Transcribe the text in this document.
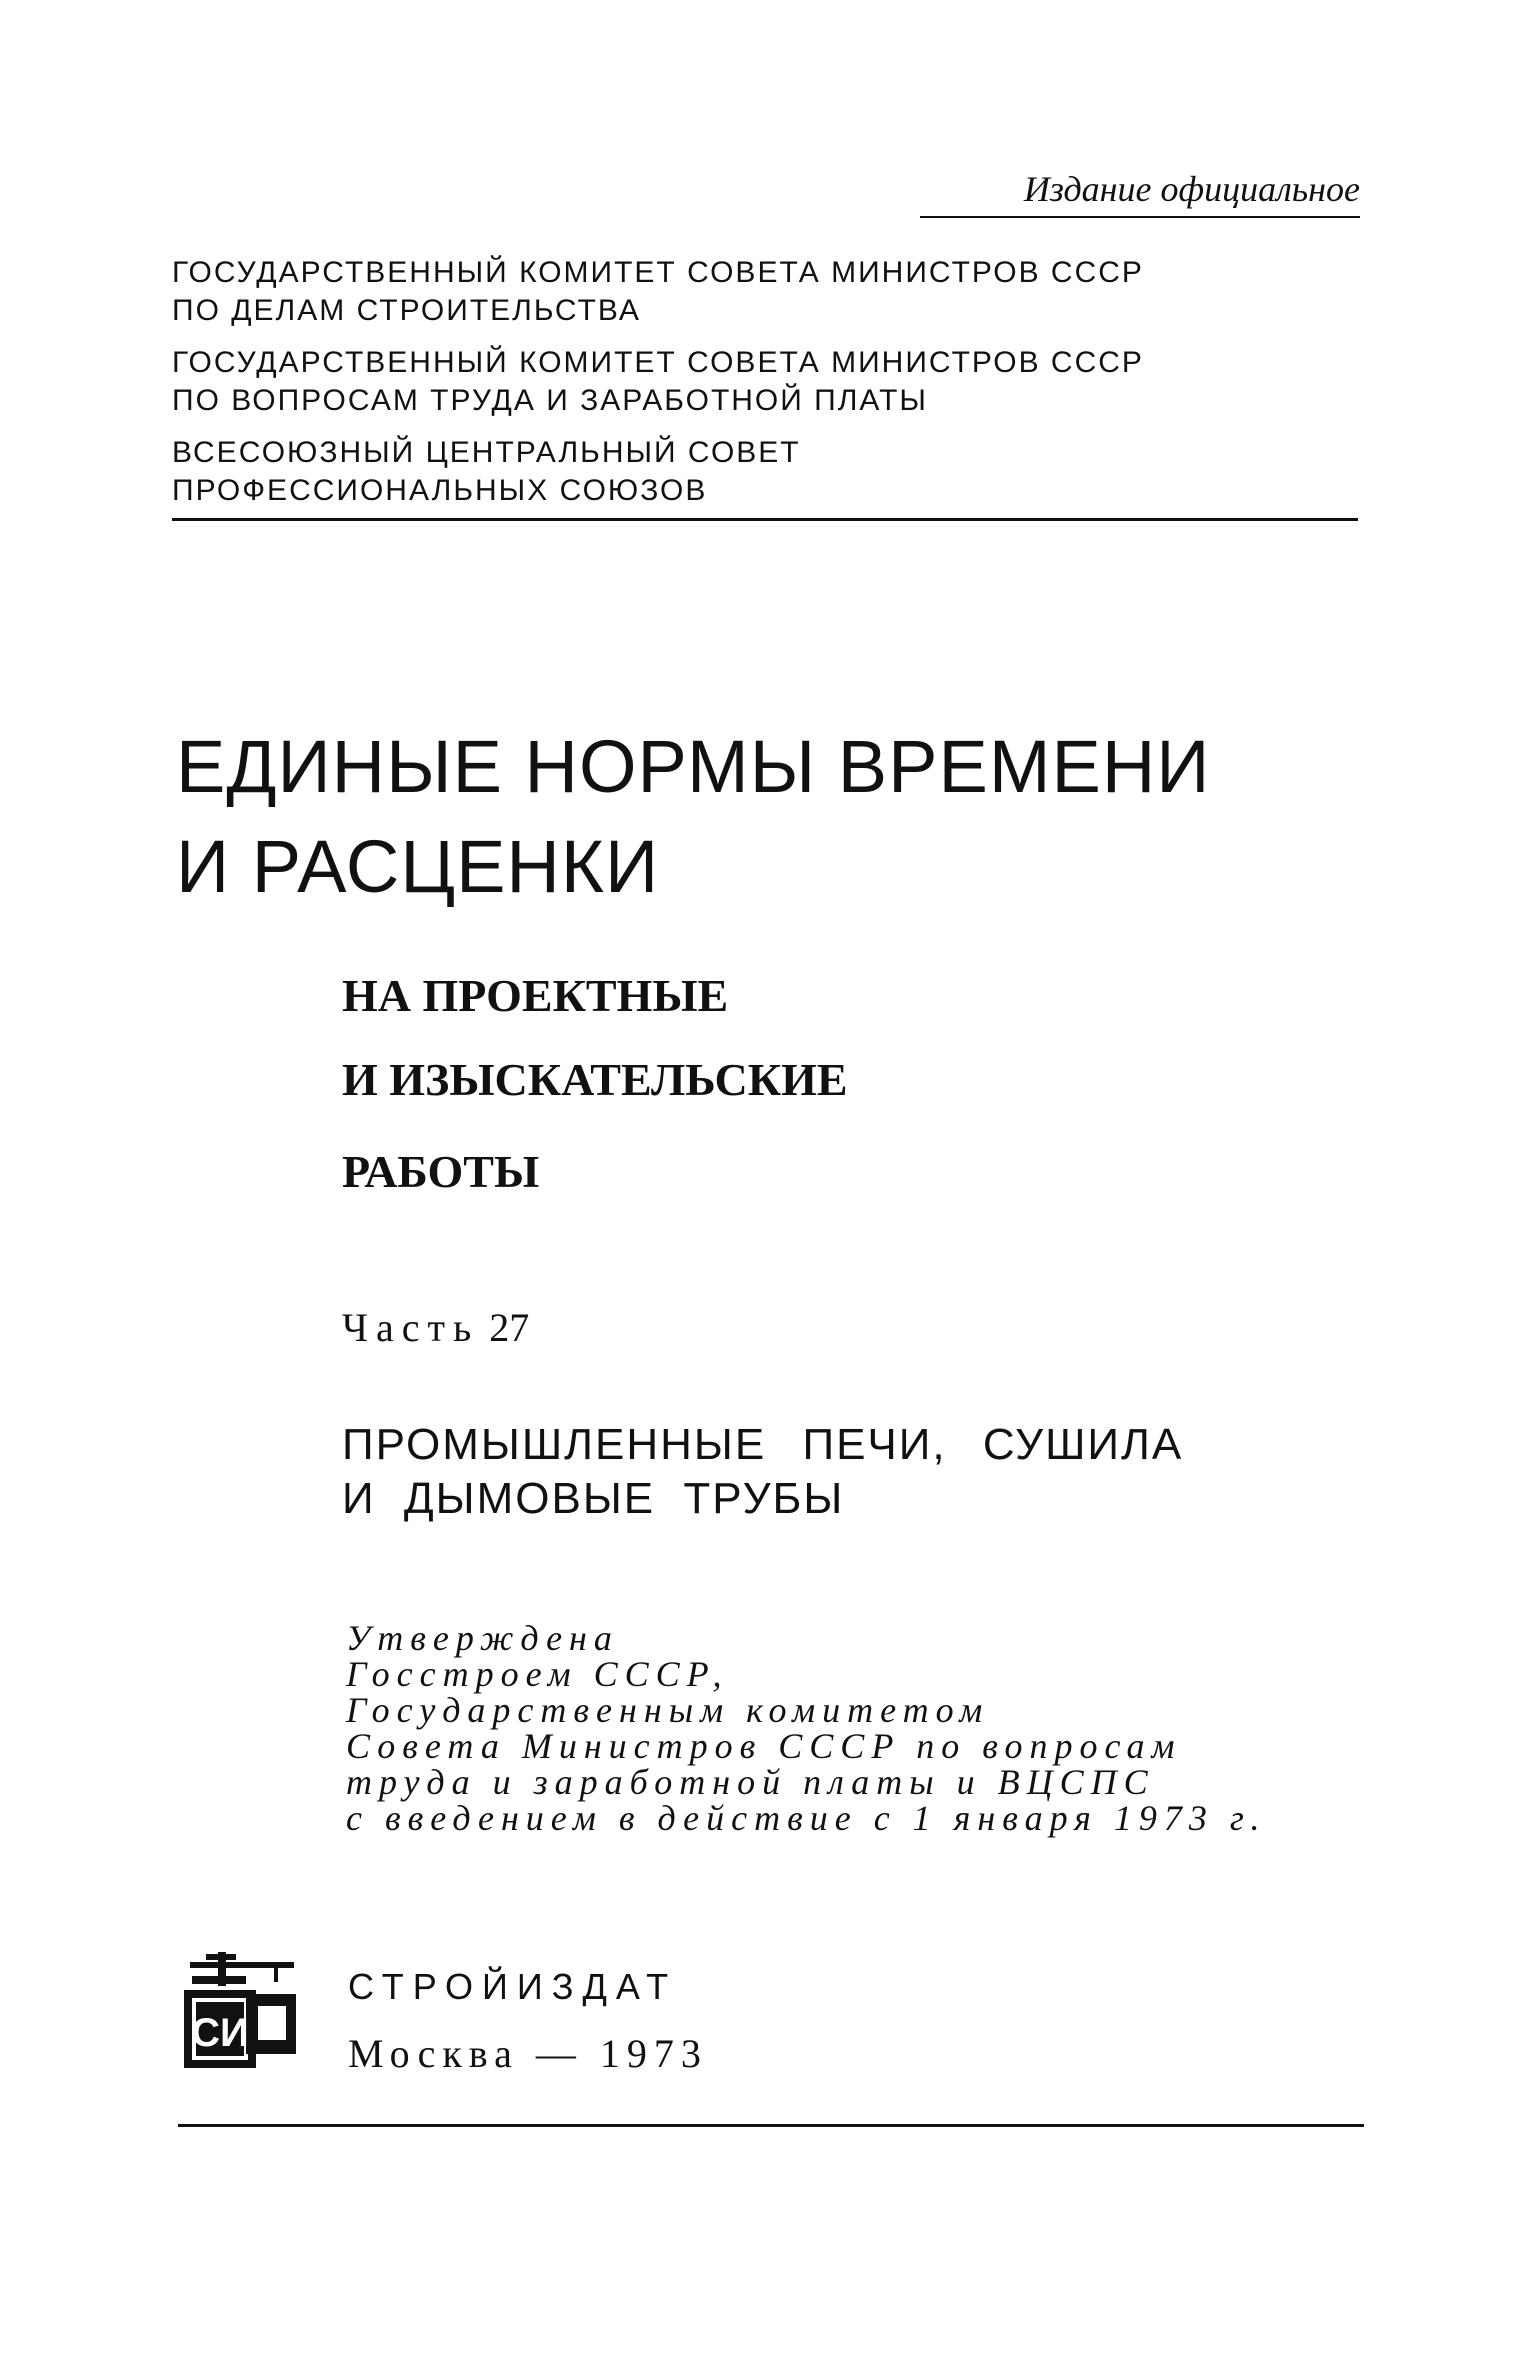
Издание официальное
ГОСУДАРСТВЕННЫЙ КОМИТЕТ СОВЕТА МИНИСТРОВ СССР
ПО ДЕЛАМ СТРОИТЕЛЬСТВА
ГОСУДАРСТВЕННЫЙ КОМИТЕТ СОВЕТА МИНИСТРОВ СССР
ПО ВОПРОСАМ ТРУДА И ЗАРАБОТНОЙ ПЛАТЫ
ВСЕСОЮЗНЫЙ ЦЕНТРАЛЬНЫЙ СОВЕТ
ПРОФЕССИОНАЛЬНЫХ СОЮЗОВ
ЕДИНЫЕ НОРМЫ ВРЕМЕНИ
И РАСЦЕНКИ
НА ПРОЕКТНЫЕ
И ИЗЫСКАТЕЛЬСКИЕ
РАБОТЫ
Часть 27
ПРОМЫШЛЕННЫЕ ПЕЧИ, СУШИЛА
И ДЫМОВЫЕ ТРУБЫ
Утверждена
Госстроем СССР,
Государственным комитетом
Совета Министров СССР по вопросам
труда и заработной платы и ВЦСПС
с введением в действие с 1 января 1973 г.
СИ
СТРОЙИЗДАТ
Москва — 1973
